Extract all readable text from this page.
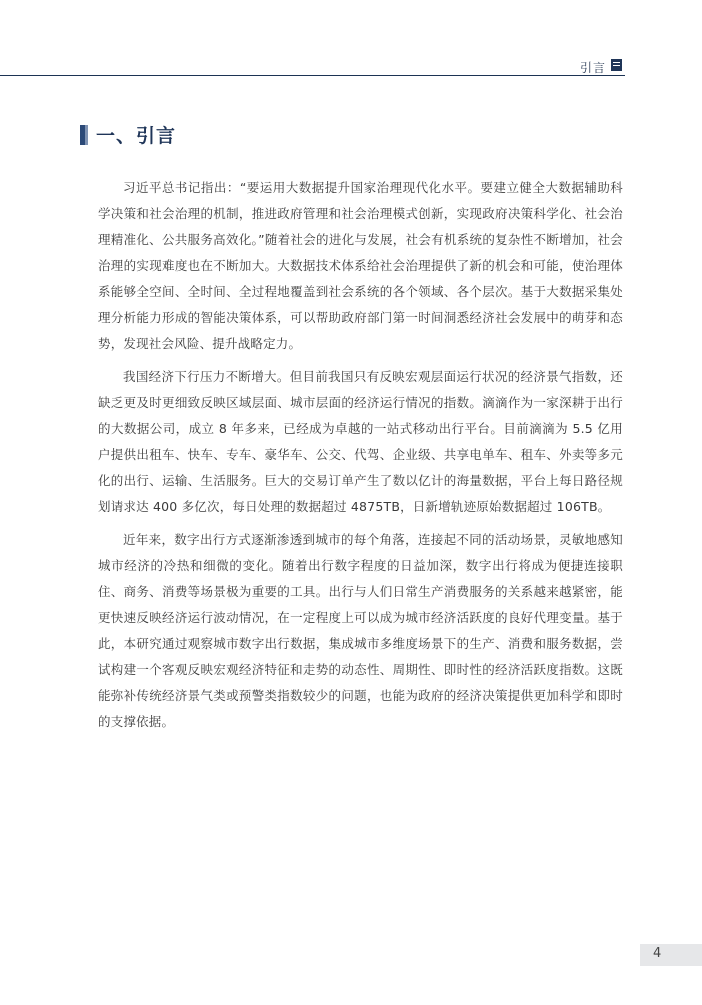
引言
一、引言

习近平总书记指出：“要运用大数据提升国家治理现代化水平。要建立健全大数据辅助科学决策和社会治理的机制，推进政府管理和社会治理模式创新，实现政府决策科学化、社会治理精准化、公共服务高效化。”随着社会的进化与发展，社会有机系统的复杂性不断增加，社会治理的实现难度也在不断加大。大数据技术体系给社会治理提供了新的机会和可能，使治理体系能够全空间、全时间、全过程地覆盖到社会系统的各个领域、各个层次。基于大数据采集处理分析能力形成的智能决策体系，可以帮助政府部门第一时间洞悉经济社会发展中的萌芽和态势，发现社会风险、提升战略定力。

我国经济下行压力不断增大。但目前我国只有反映宏观层面运行状况的经济景气指数，还缺乏更及时更细致反映区域层面、城市层面的经济运行情况的指数。滴滴作为一家深耕于出行的大数据公司，成立 8 年多来，已经成为卓越的一站式移动出行平台。目前滴滴为 5.5 亿用户提供出租车、快车、专车、豪华车、公交、代驾、企业级、共享电单车、租车、外卖等多元化的出行、运输、生活服务。巨大的交易订单产生了数以亿计的海量数据，平台上每日路径规划请求达 400 多亿次，每日处理的数据超过 4875TB，日新增轨迹原始数据超过 106TB。

近年来，数字出行方式逐渐渗透到城市的每个角落，连接起不同的活动场景，灵敏地感知城市经济的冷热和细微的变化。随着出行数字程度的日益加深，数字出行将成为便捷连接职住、商务、消费等场景极为重要的工具。出行与人们日常生产消费服务的关系越来越紧密，能更快速反映经济运行波动情况，在一定程度上可以成为城市经济活跃度的良好代理变量。基于此，本研究通过观察城市数字出行数据，集成城市多维度场景下的生产、消费和服务数据，尝试构建一个客观反映宏观经济特征和走势的动态性、周期性、即时性的经济活跃度指数。这既能弥补传统经济景气类或预警类指数较少的问题，也能为政府的经济决策提供更加科学和即时的支撑依据。

4
